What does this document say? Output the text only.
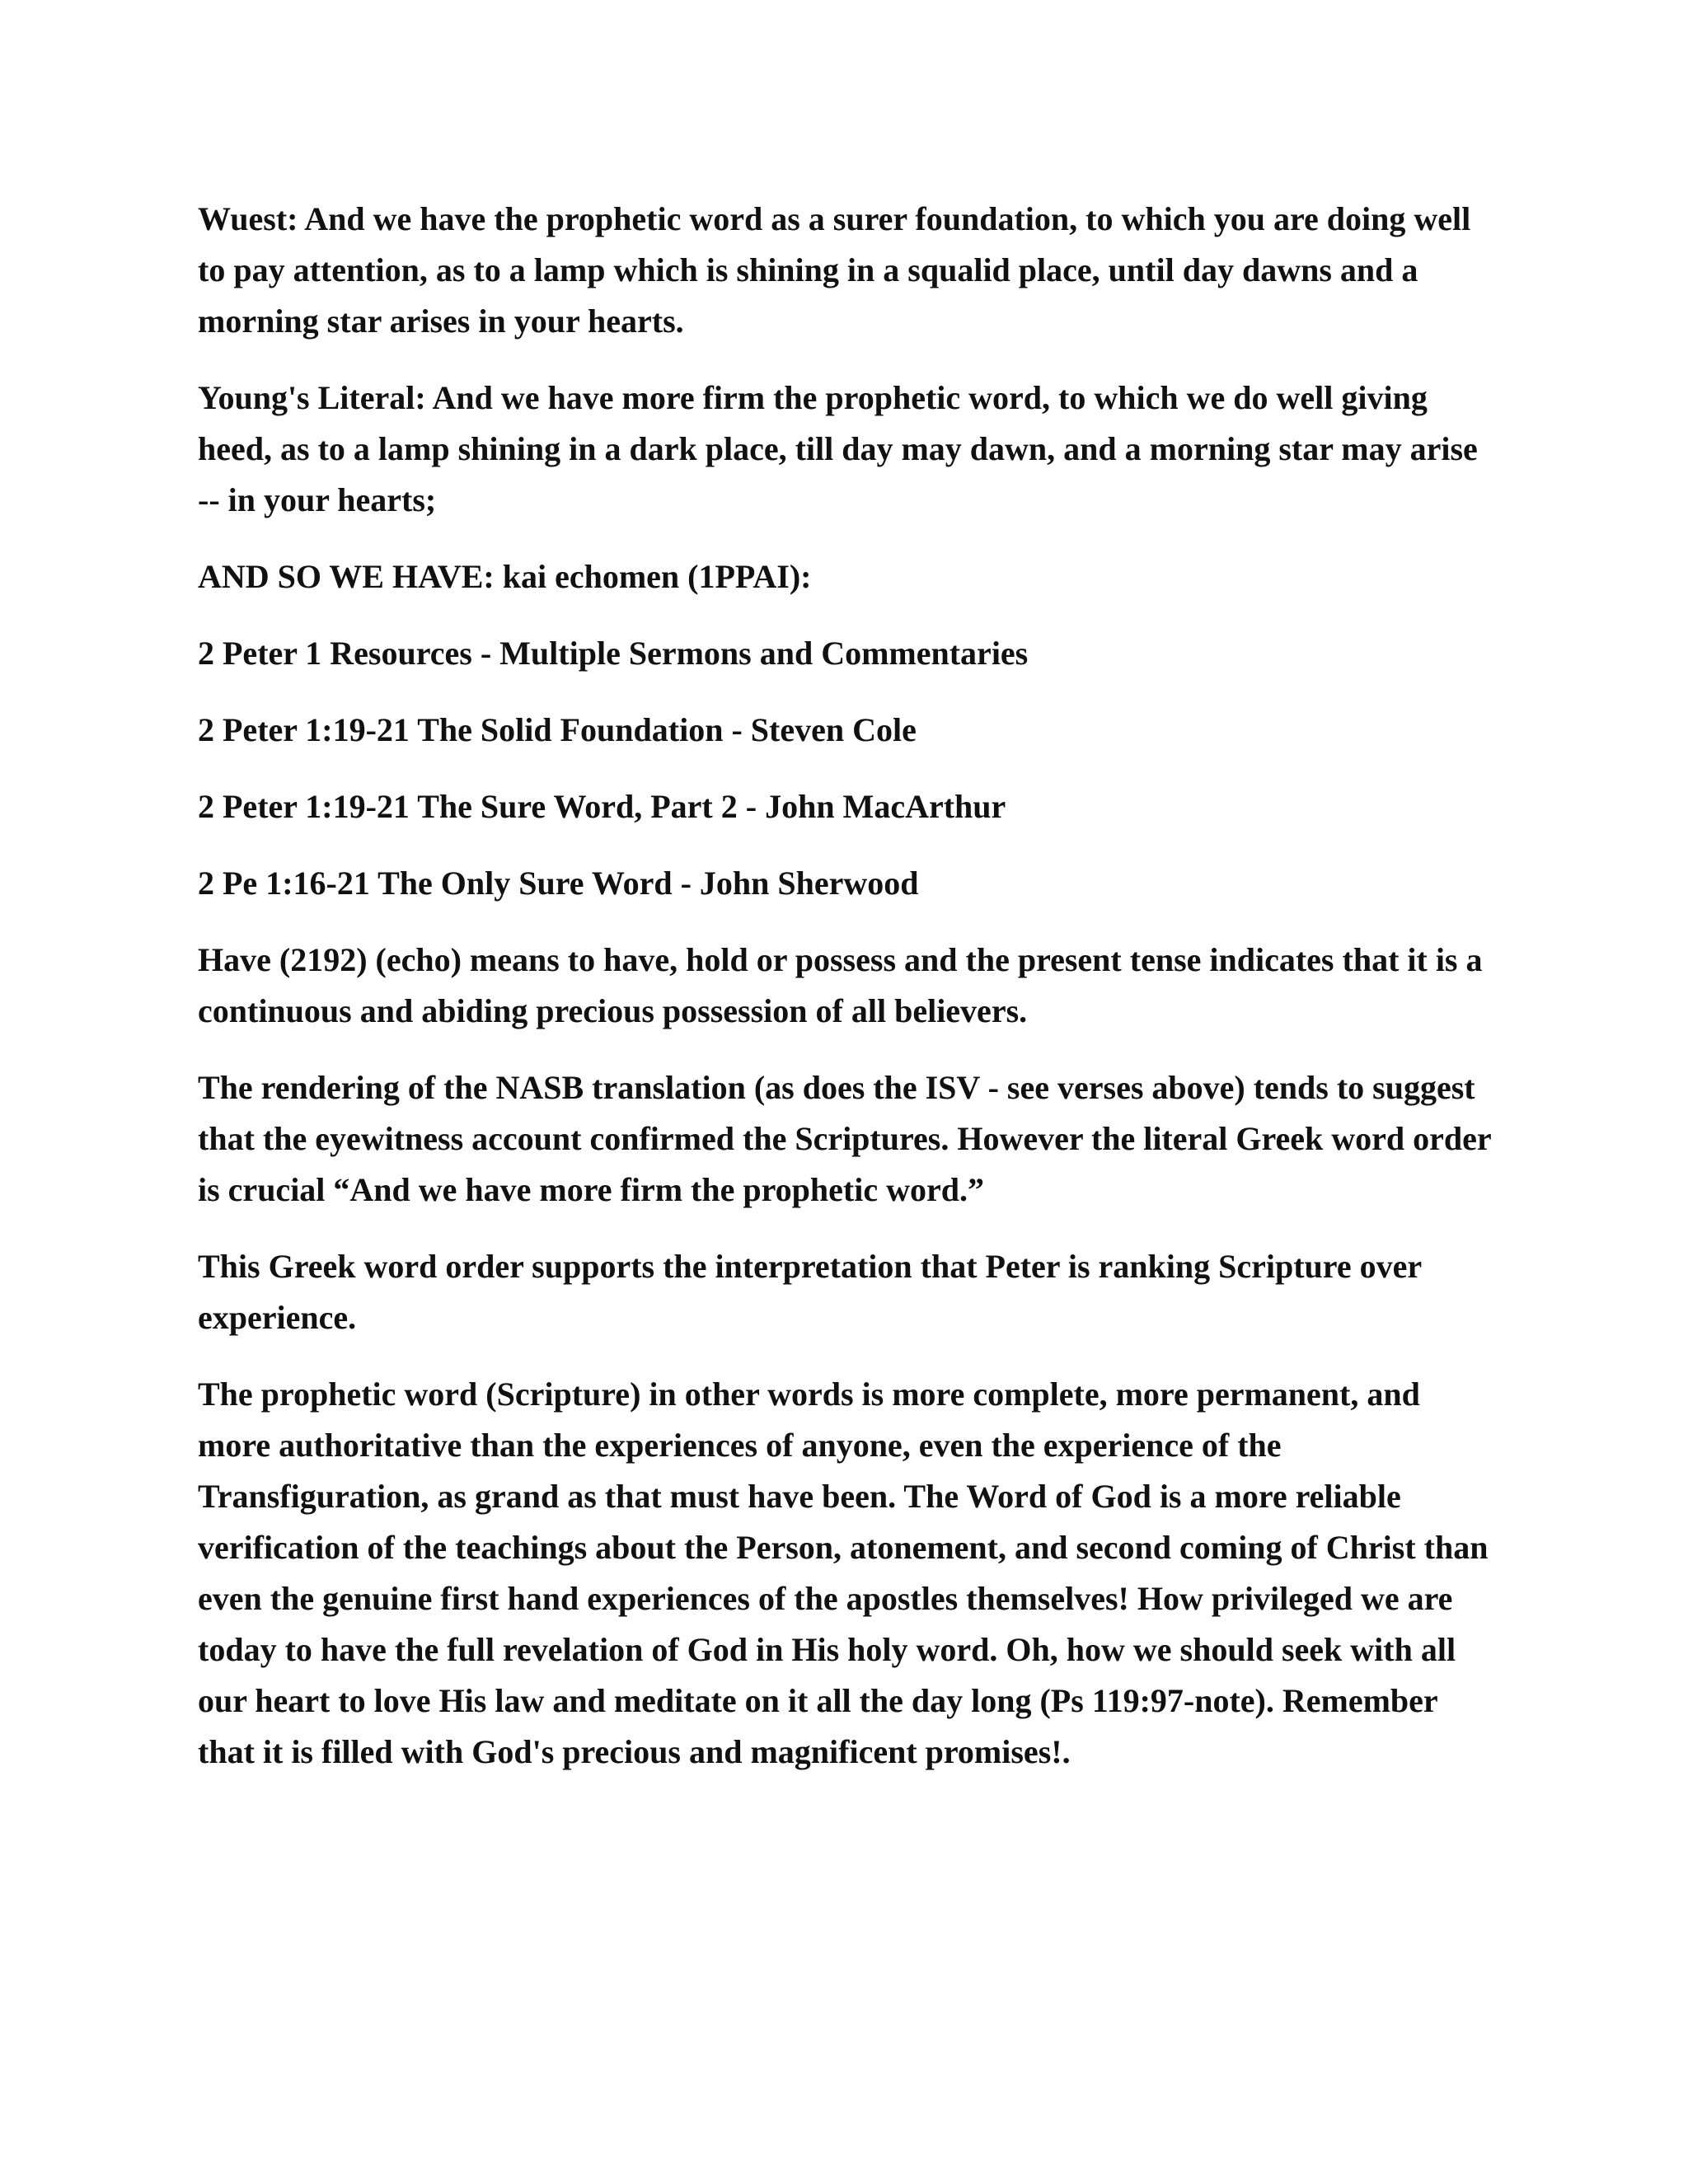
Wuest: And we have the prophetic word as a surer foundation, to which you are doing well to pay attention, as to a lamp which is shining in a squalid place, until day dawns and a morning star arises in your hearts.

Young's Literal: And we have more firm the prophetic word, to which we do well giving heed, as to a lamp shining in a dark place, till day may dawn, and a morning star may arise -- in your hearts;

AND SO WE HAVE: kai echomen (1PPAI):

2 Peter 1 Resources - Multiple Sermons and Commentaries

2 Peter 1:19-21 The Solid Foundation - Steven Cole

2 Peter 1:19-21 The Sure Word, Part 2 - John MacArthur

2 Pe 1:16-21 The Only Sure Word - John Sherwood

Have (2192) (echo) means to have, hold or possess and the present tense indicates that it is a continuous and abiding precious possession of all believers.

The rendering of the NASB translation (as does the ISV - see verses above) tends to suggest that the eyewitness account confirmed the Scriptures. However the literal Greek word order is crucial “And we have more firm the prophetic word.”

This Greek word order supports the interpretation that Peter is ranking Scripture over experience.

The prophetic word (Scripture) in other words is more complete, more permanent, and more authoritative than the experiences of anyone, even the experience of the Transfiguration, as grand as that must have been. The Word of God is a more reliable verification of the teachings about the Person, atonement, and second coming of Christ than even the genuine first hand experiences of the apostles themselves! How privileged we are today to have the full revelation of God in His holy word. Oh, how we should seek with all our heart to love His law and meditate on it all the day long (Ps 119:97-note). Remember that it is filled with God's precious and magnificent promises!.
